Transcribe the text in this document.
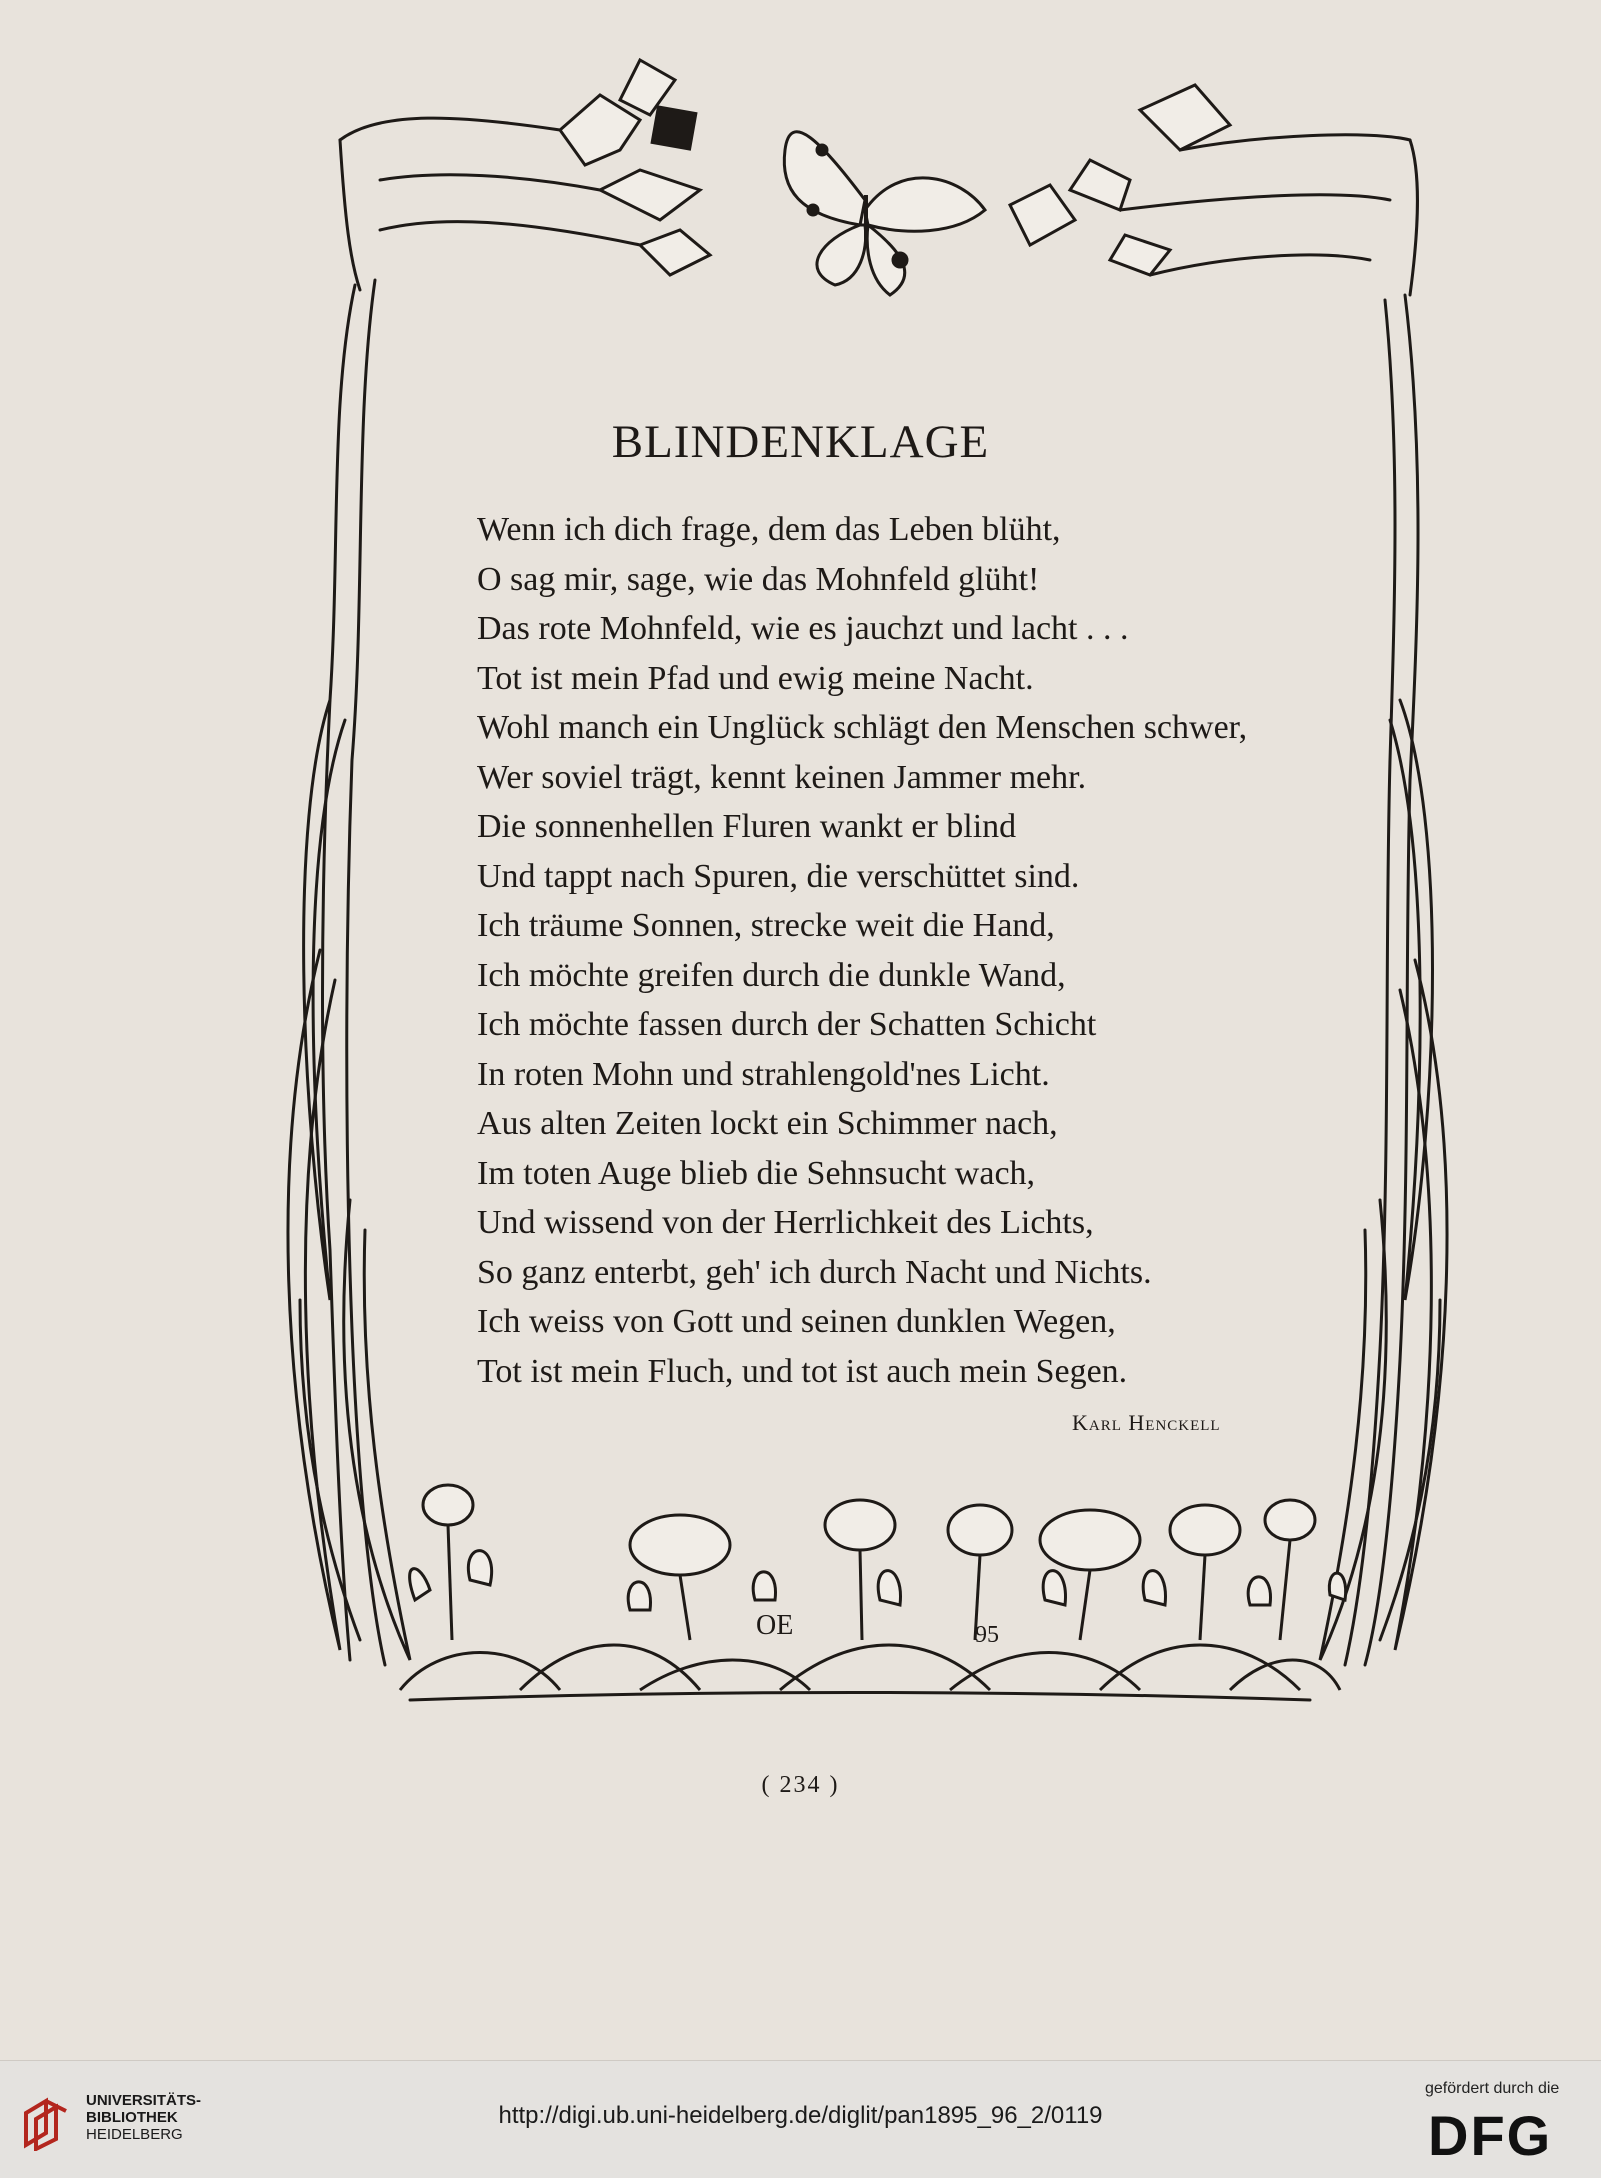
BLINDENKLAGE
Wenn ich dich frage, dem das Leben blüht,
O sag mir, sage, wie das Mohnfeld glüht!
Das rote Mohnfeld, wie es jauchzt und lacht . . .
Tot ist mein Pfad und ewig meine Nacht.
Wohl manch ein Unglück schlägt den Menschen schwer,
Wer soviel trägt, kennt keinen Jammer mehr.
Die sonnenhellen Fluren wankt er blind
Und tappt nach Spuren, die verschüttet sind.
Ich träume Sonnen, strecke weit die Hand,
Ich möchte greifen durch die dunkle Wand,
Ich möchte fassen durch der Schatten Schicht
In roten Mohn und strahlengold'nes Licht.
Aus alten Zeiten lockt ein Schimmer nach,
Im toten Auge blieb die Sehnsucht wach,
Und wissend von der Herrlichkeit des Lichts,
So ganz enterbt, geh' ich durch Nacht und Nichts.
Ich weiss von Gott und seinen dunklen Wegen,
Tot ist mein Fluch, und tot ist auch mein Segen.
Karl Henckell
OE	95
( 234 )
UNIVERSITÄTS-
BIBLIOTHEK
HEIDELBERG
http://digi.ub.uni-heidelberg.de/diglit/pan1895_96_2/0119
gefördert durch die
DFG
